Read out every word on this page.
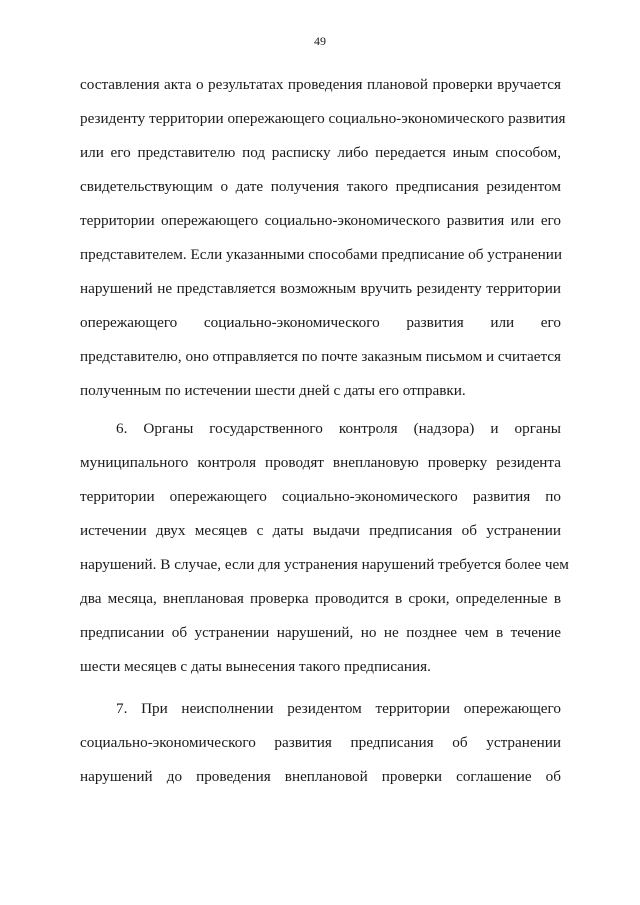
49
составления акта о результатах проведения плановой проверки вручается
резиденту территории опережающего социально-экономического развития
или его представителю под расписку либо передается иным способом,
свидетельствующим о дате получения такого предписания резидентом
территории опережающего социально-экономического развития или его
представителем. Если указанными способами предписание об устранении
нарушений не представляется возможным вручить резиденту территории
опережающего социально-экономического развития или его
представителю, оно отправляется по почте заказным письмом и считается
полученным по истечении шести дней с даты его отправки.
6. Органы государственного контроля (надзора) и органы
муниципального контроля проводят внеплановую проверку резидента
территории опережающего социально-экономического развития по
истечении двух месяцев с даты выдачи предписания об устранении
нарушений. В случае, если для устранения нарушений требуется более чем
два месяца, внеплановая проверка проводится в сроки, определенные в
предписании об устранении нарушений, но не позднее чем в течение
шести месяцев с даты вынесения такого предписания.
7. При неисполнении резидентом территории опережающего
социально-экономического развития предписания об устранении
нарушений до проведения внеплановой проверки соглашение об
